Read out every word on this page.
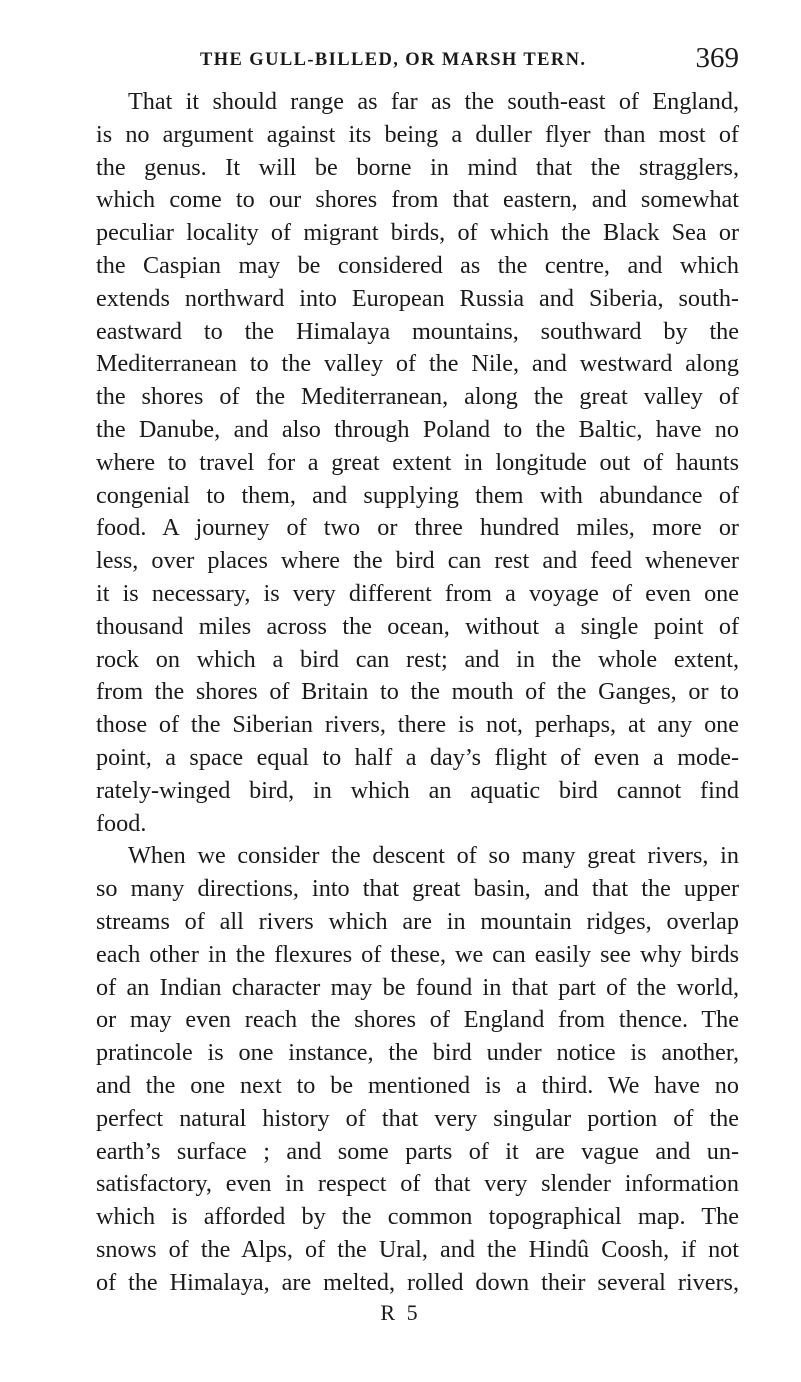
THE GULL-BILLED, OR MARSH TERN.	369
That it should range as far as the south-east of England,
is no argument against its being a duller flyer than most of
the genus. It will be borne in mind that the stragglers,
which come to our shores from that eastern, and somewhat
peculiar locality of migrant birds, of which the Black Sea or
the Caspian may be considered as the centre, and which
extends northward into European Russia and Siberia, south-
eastward to the Himalaya mountains, southward by the
Mediterranean to the valley of the Nile, and westward along
the shores of the Mediterranean, along the great valley of
the Danube, and also through Poland to the Baltic, have no
where to travel for a great extent in longitude out of haunts
congenial to them, and supplying them with abundance of
food. A journey of two or three hundred miles, more or
less, over places where the bird can rest and feed whenever
it is necessary, is very different from a voyage of even one
thousand miles across the ocean, without a single point of
rock on which a bird can rest; and in the whole extent,
from the shores of Britain to the mouth of the Ganges, or to
those of the Siberian rivers, there is not, perhaps, at any one
point, a space equal to half a day’s flight of even a mode-
rately-winged bird, in which an aquatic bird cannot find
food.
When we consider the descent of so many great rivers, in
so many directions, into that great basin, and that the upper
streams of all rivers which are in mountain ridges, overlap
each other in the flexures of these, we can easily see why birds
of an Indian character may be found in that part of the world,
or may even reach the shores of England from thence. The
pratincole is one instance, the bird under notice is another,
and the one next to be mentioned is a third. We have no
perfect natural history of that very singular portion of the
earth’s surface ; and some parts of it are vague and un-
satisfactory, even in respect of that very slender information
which is afforded by the common topographical map. The
snows of the Alps, of the Ural, and the Hindû Coosh, if not
of the Himalaya, are melted, rolled down their several rivers,
R 5
